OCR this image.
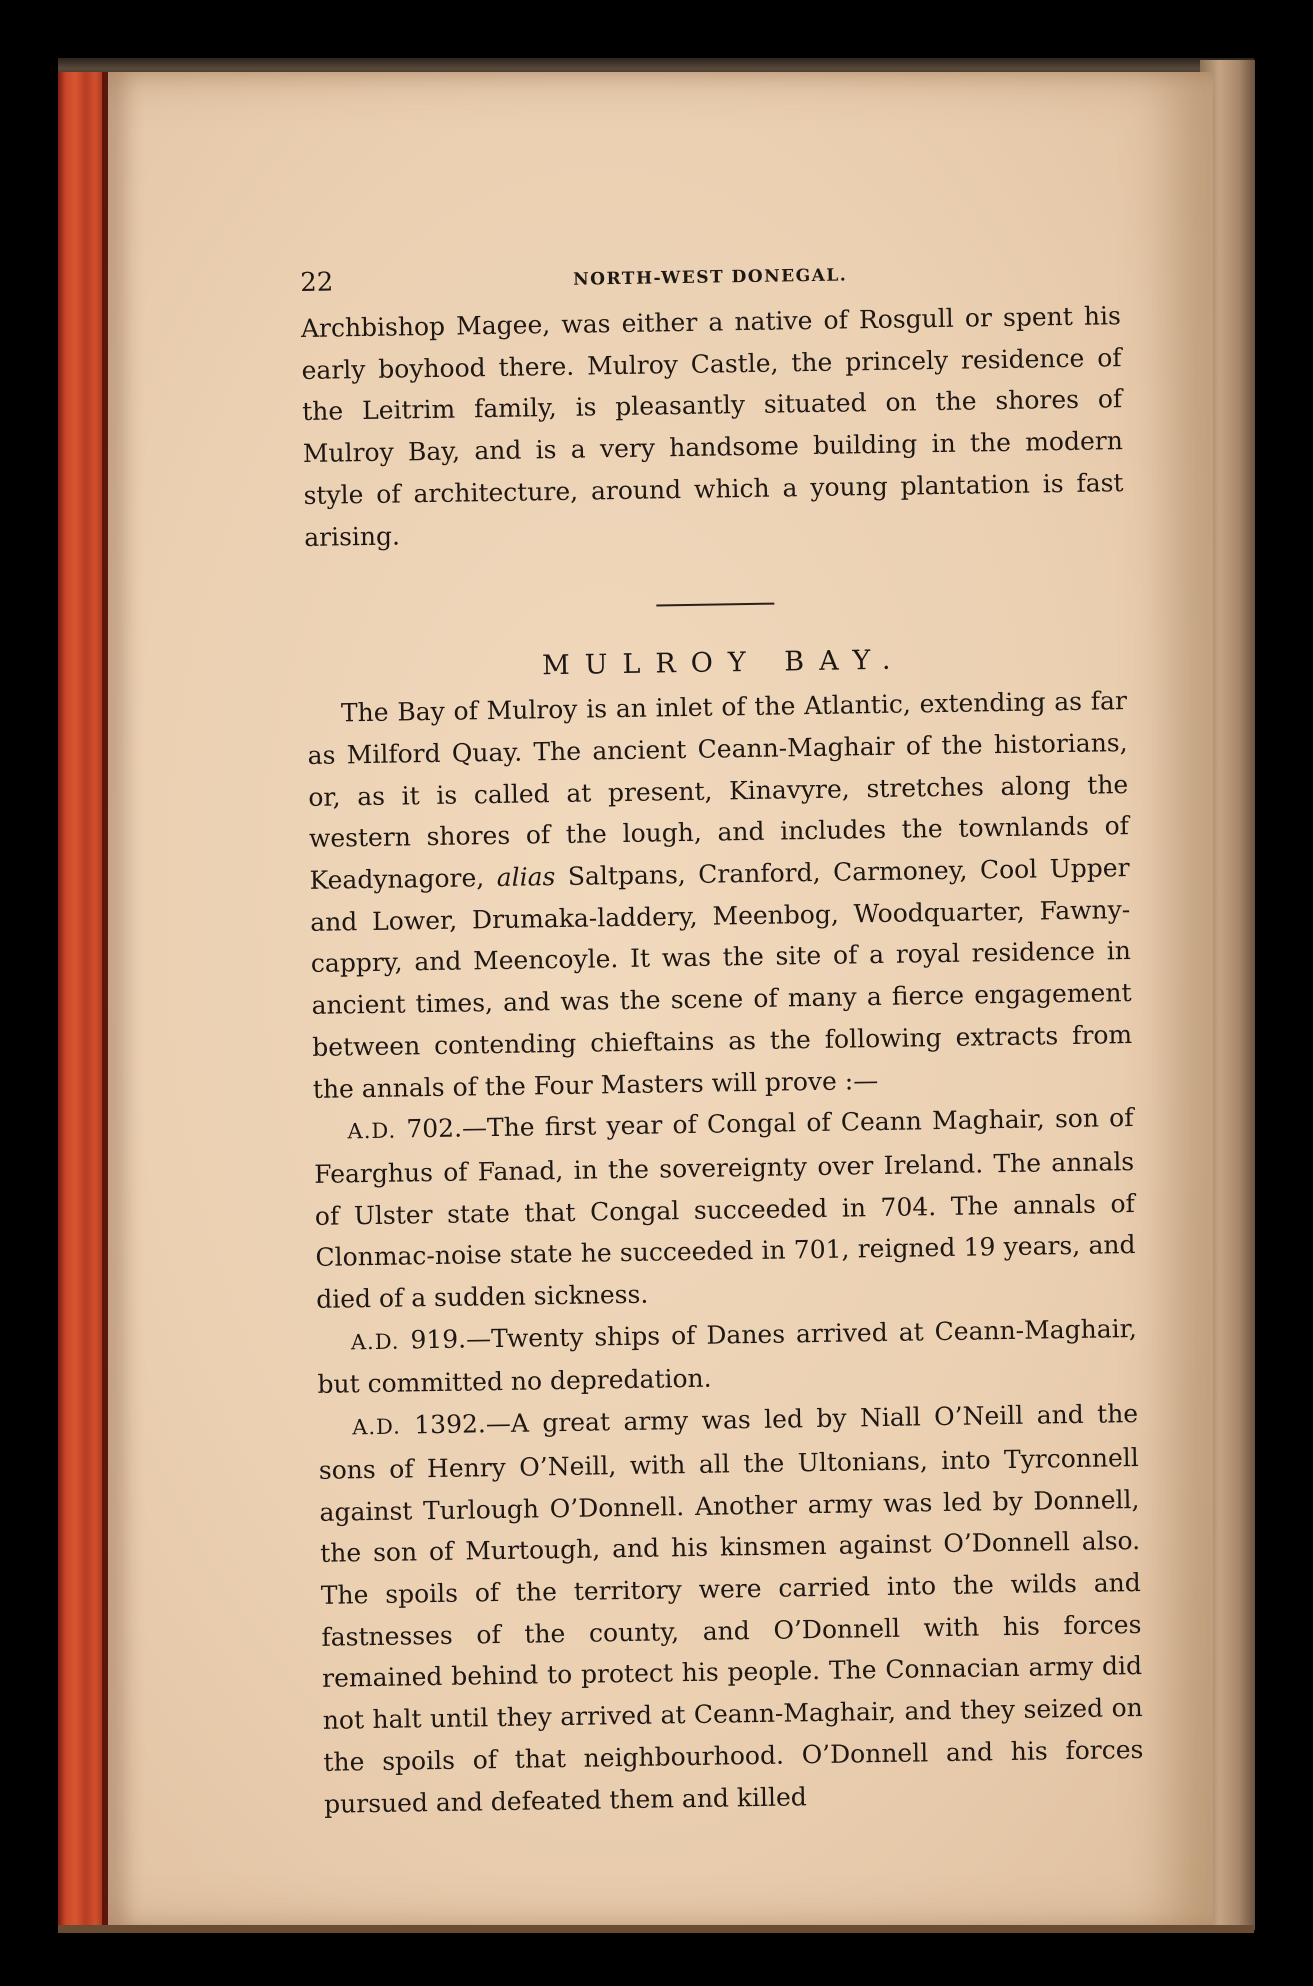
22	NORTH-WEST DONEGAL.

Archbishop Magee, was either a native of Rosgull or spent his early boyhood there. Mulroy Castle, the princely residence of the Leitrim family, is pleasantly situated on the shores of Mulroy Bay, and is a very handsome building in the modern style of architecture, around which a young plantation is fast arising.

MULROY BAY.

The Bay of Mulroy is an inlet of the Atlantic, extending as far as Milford Quay. The ancient Ceann-Maghair of the historians, or, as it is called at present, Kinavyre, stretches along the western shores of the lough, and includes the townlands of Keadynagore, alias Saltpans, Cranford, Carmoney, Cool Upper and Lower, Drumaka-laddery, Meenbog, Woodquarter, Fawny-cappry, and Meencoyle. It was the site of a royal residence in ancient times, and was the scene of many a fierce engagement between contending chieftains as the following extracts from the annals of the Four Masters will prove :—

A.D. 702.—The first year of Congal of Ceann Maghair, son of Fearghus of Fanad, in the sovereignty over Ireland. The annals of Ulster state that Congal succeeded in 704. The annals of Clonmac-noise state he succeeded in 701, reigned 19 years, and died of a sudden sickness.

A.D. 919.—Twenty ships of Danes arrived at Ceann-Maghair, but committed no depredation.

A.D. 1392.—A great army was led by Niall O’Neill and the sons of Henry O’Neill, with all the Ultonians, into Tyrconnell against Turlough O’Donnell. Another army was led by Donnell, the son of Murtough, and his kinsmen against O’Donnell also. The spoils of the territory were carried into the wilds and fastnesses of the county, and O’Donnell with his forces remained behind to protect his people. The Connacian army did not halt until they arrived at Ceann-Maghair, and they seized on the spoils of that neighbourhood. O’Donnell and his forces pursued and defeated them and killed
